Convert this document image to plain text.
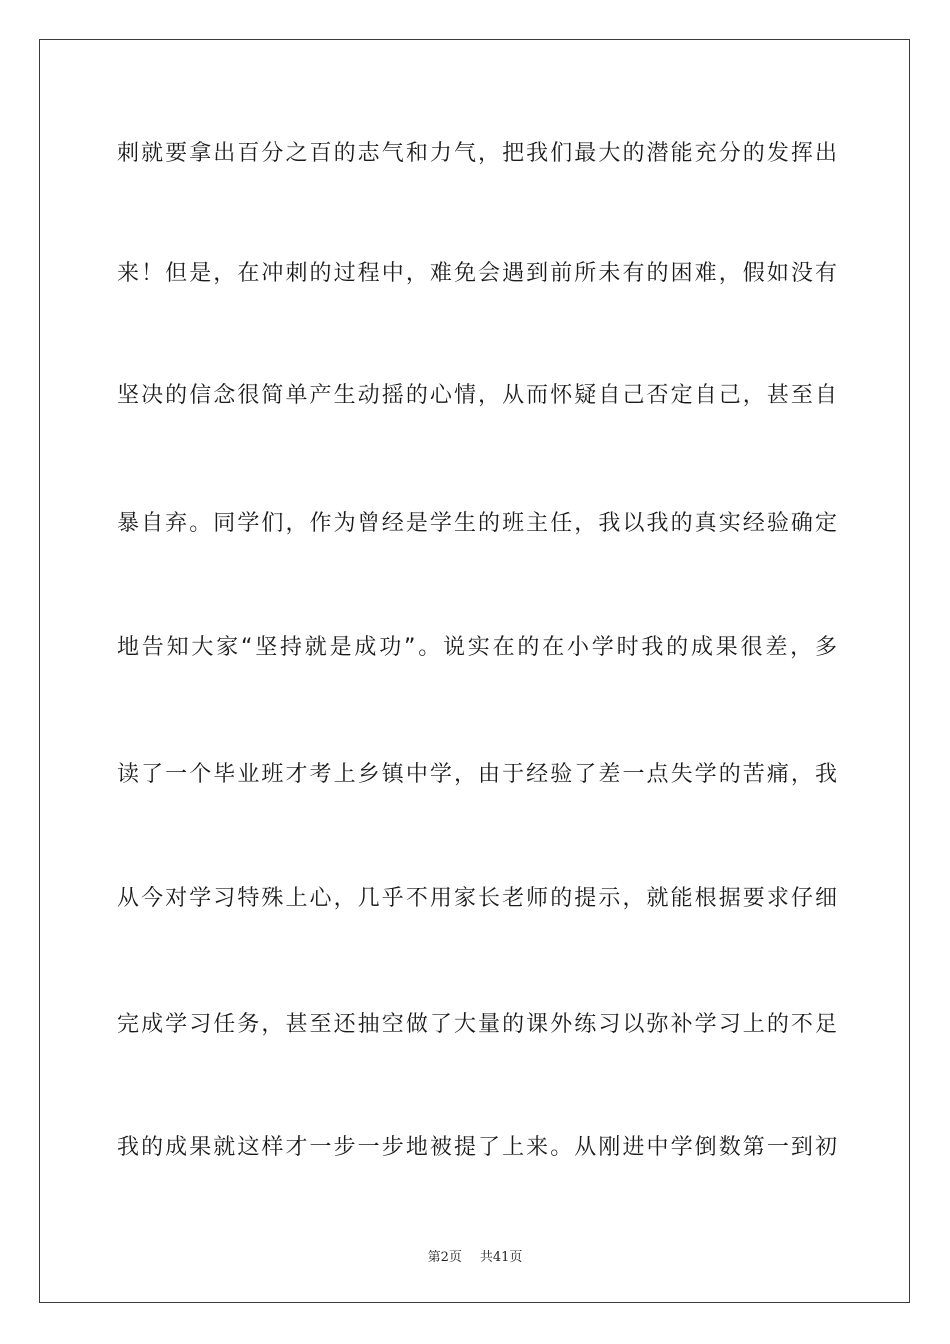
刺就要拿出百分之百的志气和力气，把我们最大的潜能充分的发挥出
来！但是，在冲刺的过程中，难免会遇到前所未有的困难，假如没有
坚决的信念很简单产生动摇的心情，从而怀疑自己否定自己，甚至自
暴自弃。同学们，作为曾经是学生的班主任，我以我的真实经验确定
地告知大家“坚持就是成功”。说实在的在小学时我的成果很差，多
读了一个毕业班才考上乡镇中学，由于经验了差一点失学的苦痛，我
从今对学习特殊上心，几乎不用家长老师的提示，就能根据要求仔细
完成学习任务，甚至还抽空做了大量的课外练习以弥补学习上的不足
我的成果就这样才一步一步地被提了上来。从刚进中学倒数第一到初
第2页 共41页
